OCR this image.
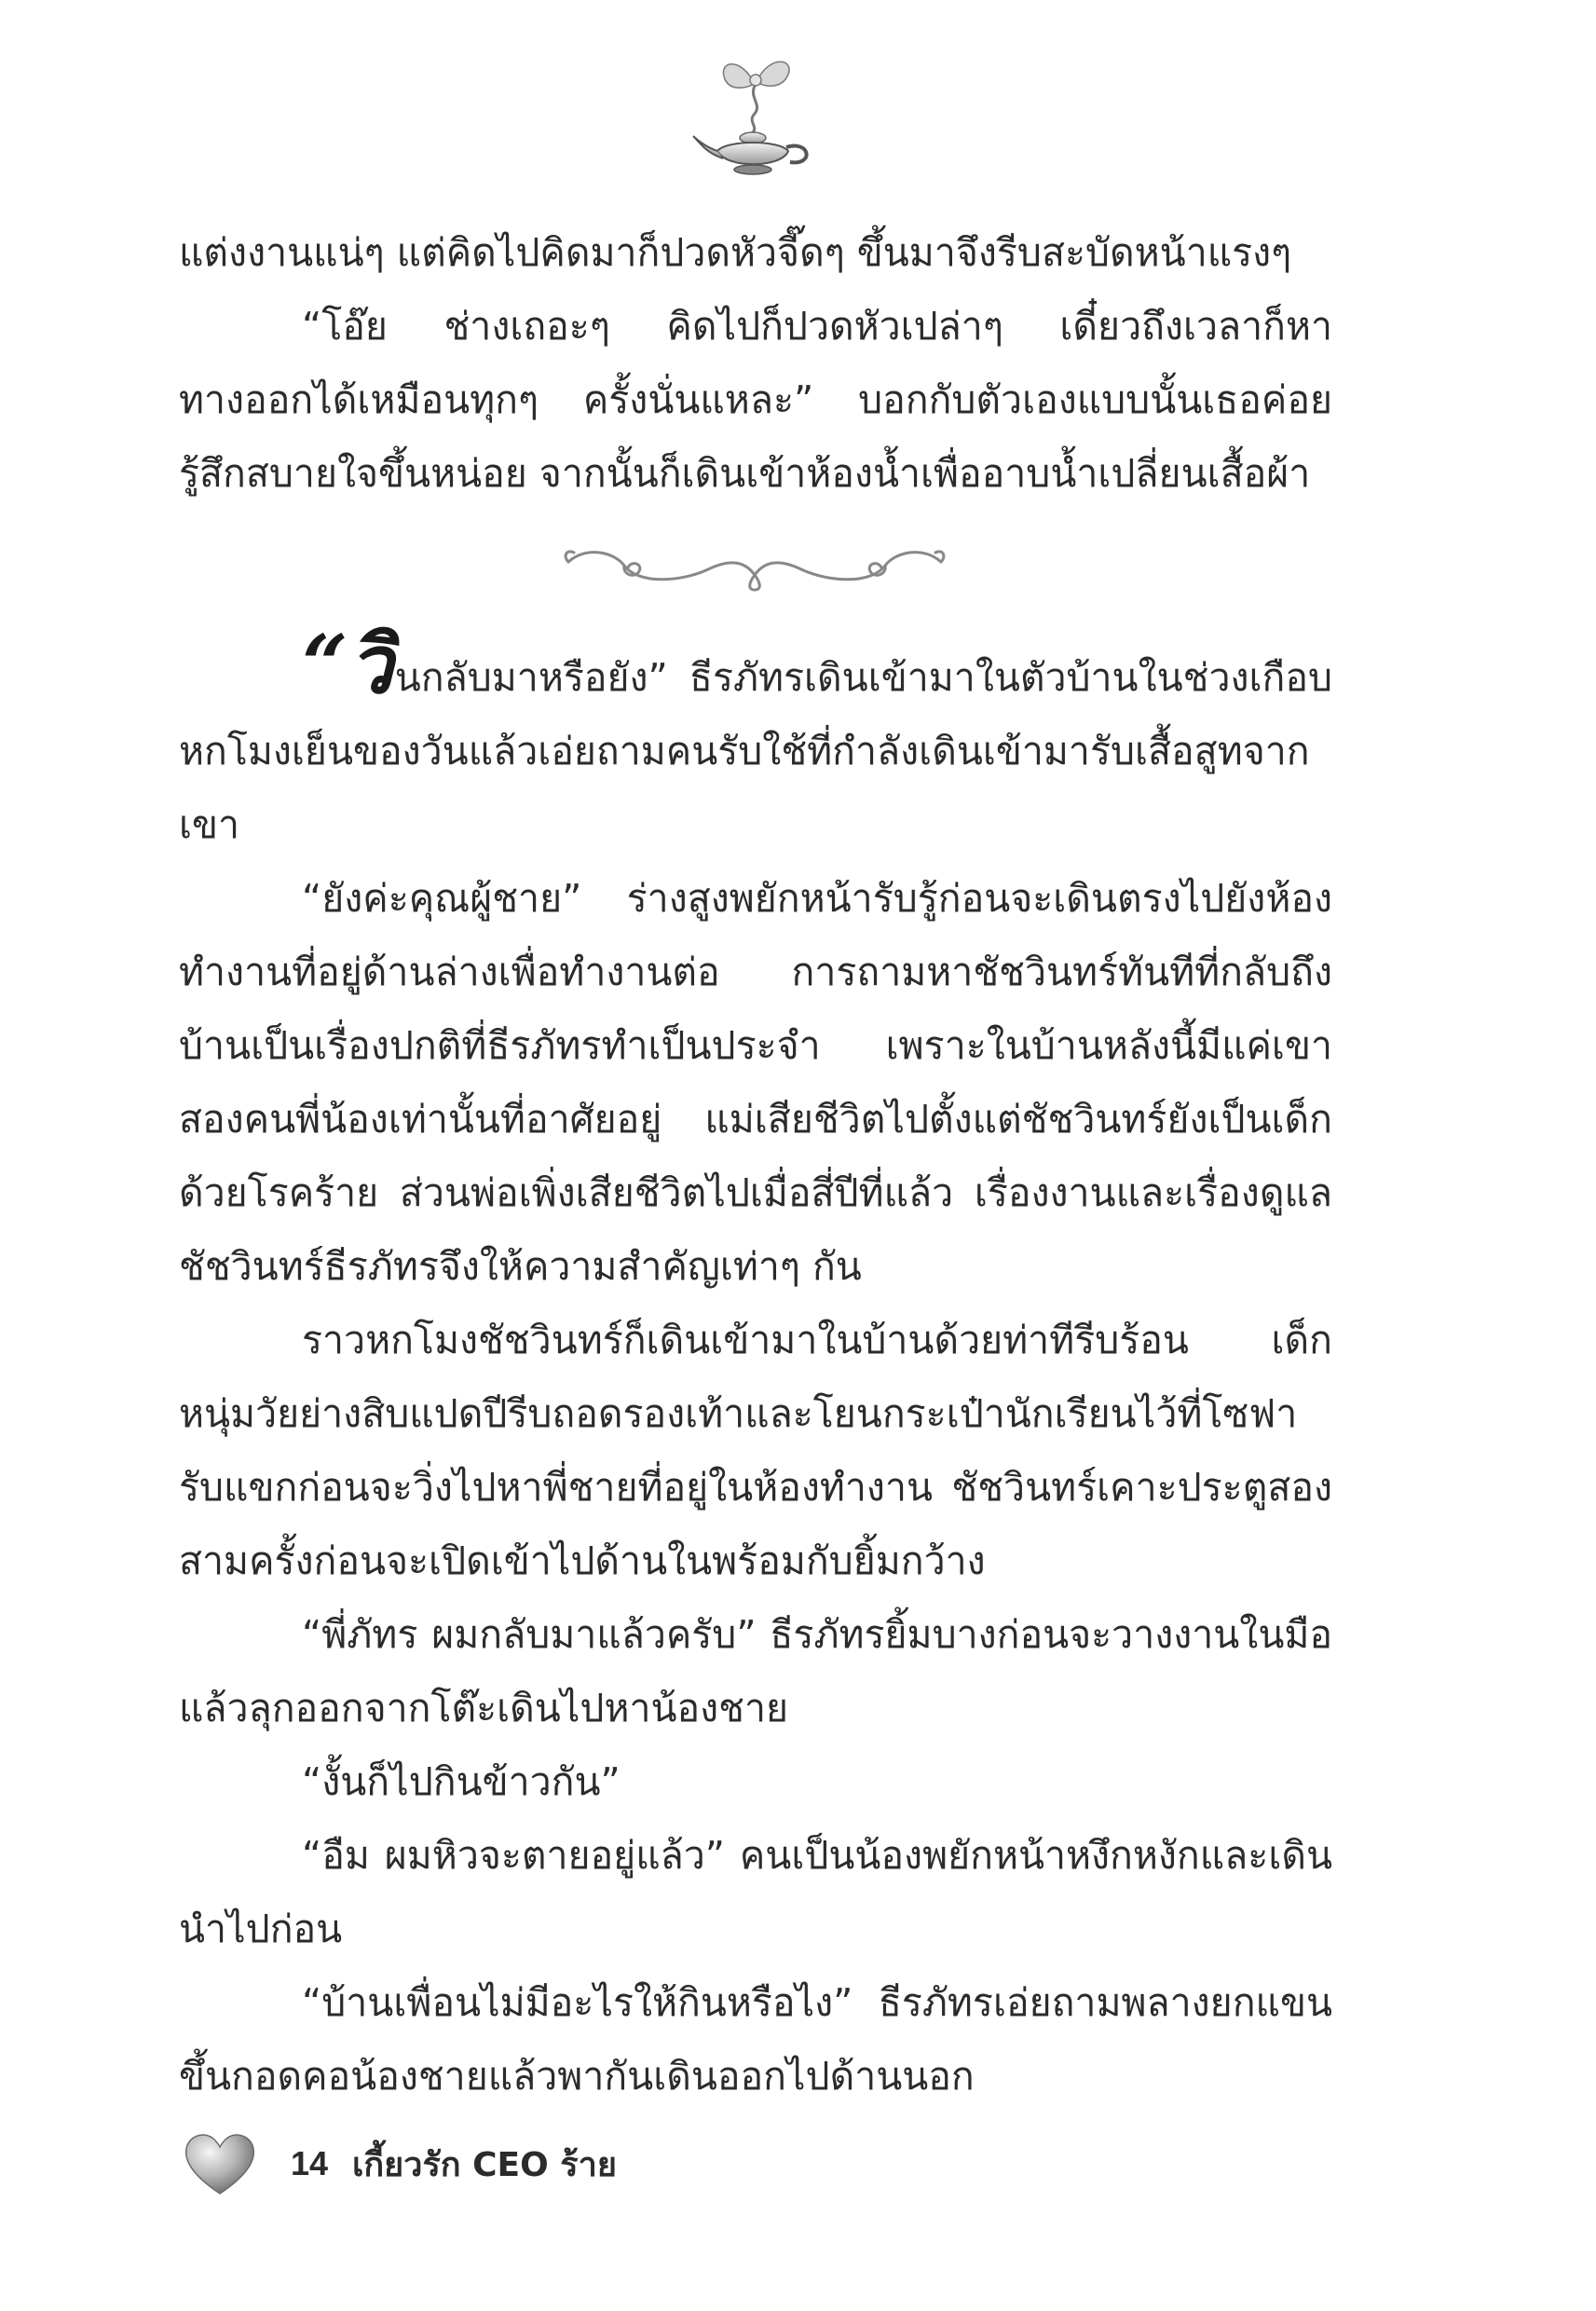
แต่งงานแน่ๆ แต่คิดไปคิดมาก็ปวดหัวจี๊ดๆ ขึ้นมาจึงรีบสะบัดหน้าแรงๆ

“โอ๊ย ช่างเถอะๆ คิดไปก็ปวดหัวเปล่าๆ เดี๋ยวถึงเวลาก็หาทางออกได้เหมือนทุกๆ ครั้งนั่นแหละ” บอกกับตัวเองแบบนั้นเธอค่อยรู้สึกสบายใจขึ้นหน่อย จากนั้นก็เดินเข้าห้องน้ำเพื่ออาบน้ำเปลี่ยนเสื้อผ้า

“วินกลับมาหรือยัง” ธีรภัทรเดินเข้ามาในตัวบ้านในช่วงเกือบหกโมงเย็นของวันแล้วเอ่ยถามคนรับใช้ที่กำลังเดินเข้ามารับเสื้อสูทจากเขา

“ยังค่ะคุณผู้ชาย” ร่างสูงพยักหน้ารับรู้ก่อนจะเดินตรงไปยังห้องทำงานที่อยู่ด้านล่างเพื่อทำงานต่อ การถามหาชัชวินทร์ทันทีที่กลับถึงบ้านเป็นเรื่องปกติที่ธีรภัทรทำเป็นประจำ เพราะในบ้านหลังนี้มีแค่เขาสองคนพี่น้องเท่านั้นที่อาศัยอยู่ แม่เสียชีวิตไปตั้งแต่ชัชวินทร์ยังเป็นเด็กด้วยโรคร้าย ส่วนพ่อเพิ่งเสียชีวิตไปเมื่อสี่ปีที่แล้ว เรื่องงานและเรื่องดูแลชัชวินทร์ธีรภัทรจึงให้ความสำคัญเท่าๆ กัน

ราวหกโมงชัชวินทร์ก็เดินเข้ามาในบ้านด้วยท่าทีรีบร้อน เด็กหนุ่มวัยย่างสิบแปดปีรีบถอดรองเท้าและโยนกระเป๋านักเรียนไว้ที่โซฟารับแขกก่อนจะวิ่งไปหาพี่ชายที่อยู่ในห้องทำงาน ชัชวินทร์เคาะประตูสองสามครั้งก่อนจะเปิดเข้าไปด้านในพร้อมกับยิ้มกว้าง

“พี่ภัทร ผมกลับมาแล้วครับ” ธีรภัทรยิ้มบางก่อนจะวางงานในมือแล้วลุกออกจากโต๊ะเดินไปหาน้องชาย

“งั้นก็ไปกินข้าวกัน”

“อืม ผมหิวจะตายอยู่แล้ว” คนเป็นน้องพยักหน้าหงึกหงักและเดินนำไปก่อน

“บ้านเพื่อนไม่มีอะไรให้กินหรือไง” ธีรภัทรเอ่ยถามพลางยกแขนขึ้นกอดคอน้องชายแล้วพากันเดินออกไปด้านนอก

14 เกี้ยวรัก CEO ร้าย
